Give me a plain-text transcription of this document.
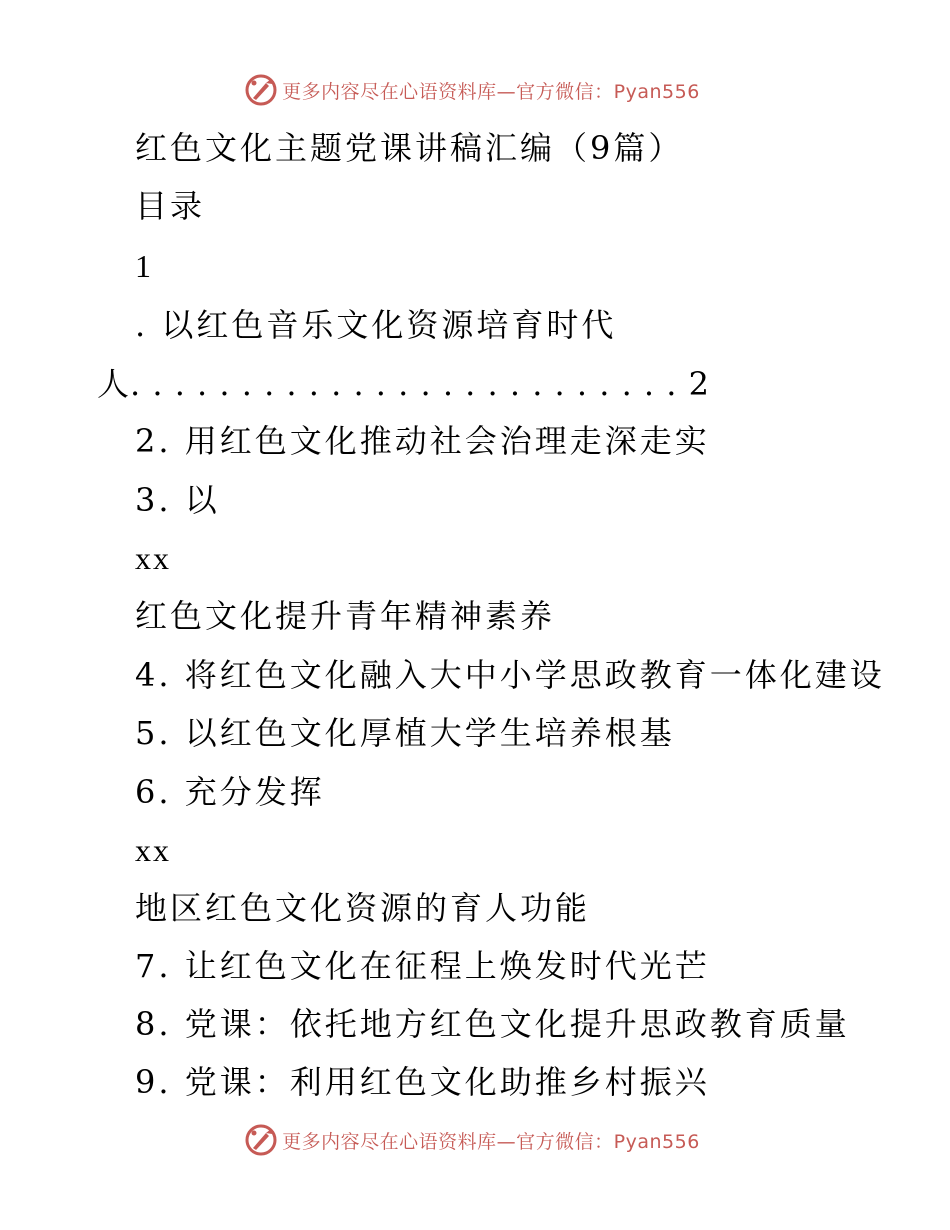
更多内容尽在心语资料库—官方微信：Pyan556
红色文化主题党课讲稿汇编（9篇）
目录
1
. 以红色音乐文化资源培育时代
人. . . . . . . . . . . . . . . . . . . . . . . . . 2
2. 用红色文化推动社会治理走深走实
3. 以
xx
红色文化提升青年精神素养
4. 将红色文化融入大中小学思政教育一体化建设
5. 以红色文化厚植大学生培养根基
6. 充分发挥
xx
地区红色文化资源的育人功能
7. 让红色文化在征程上焕发时代光芒
8. 党课：依托地方红色文化提升思政教育质量
9. 党课：利用红色文化助推乡村振兴
更多内容尽在心语资料库—官方微信：Pyan556
